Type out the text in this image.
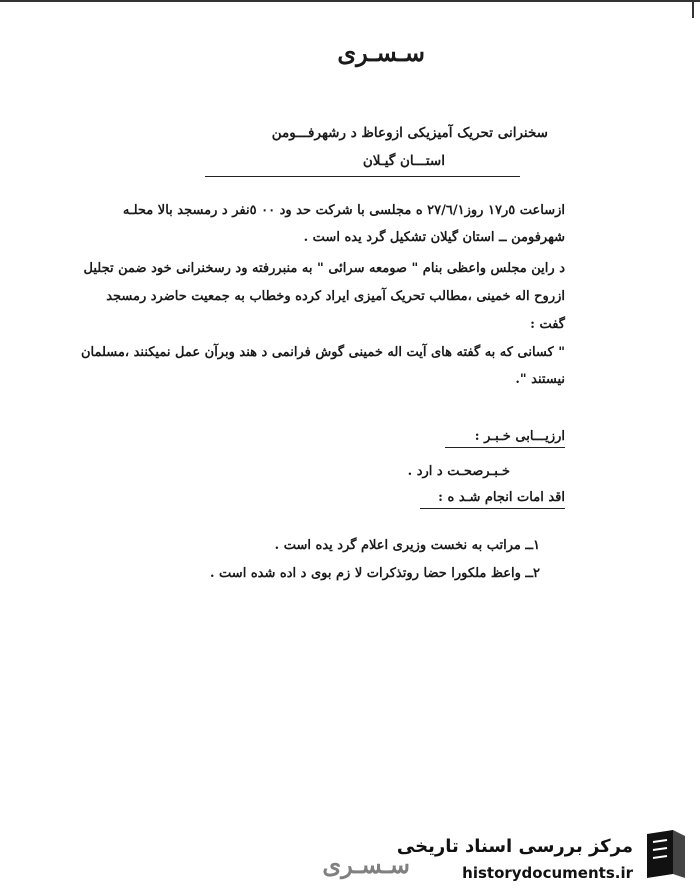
سـسـری
سخنرانی تحریک آمیزیکی ازوعاظ د رشهرفـــومن
استـــان گیـلان
ازساعت ٥ر١٧ روز٢٧/٦/١ ه مجلسی با شرکت حد ود ٠٠ ٥نفر د رمسجد بالا محلـه
شهرفومن ــ استان گیلان تشکیل گرد یده است .
د راین مجلس واعظی بنام " صومعه سرائی " به منبررفته ود رسخنرانی خود ضمن تجلیل
ازروح اله خمینی ،مطالب تحریک آمیزی ایراد کرده وخطاب به جمعیت حاضرد رمسجد
گفت :
" کسانی که به گفته های آیت اله خمینی گوش فرانمی د هند وبرآن عمل نمیکنند ،مسلمان
نیستند ".
ارزیـــابی خـبـر :
خـبـرصحـت د ارد .
اقد امات انجام شـد ه :
١ــ مراتب به نخست وزیری اعلام گرد یده است .
٢ــ واعظ ملکورا حضا روتذکرات لا زم بوی د اده شده است .
سـسـری
مرکز بررسی اسناد تاریخی
historydocuments.ir
